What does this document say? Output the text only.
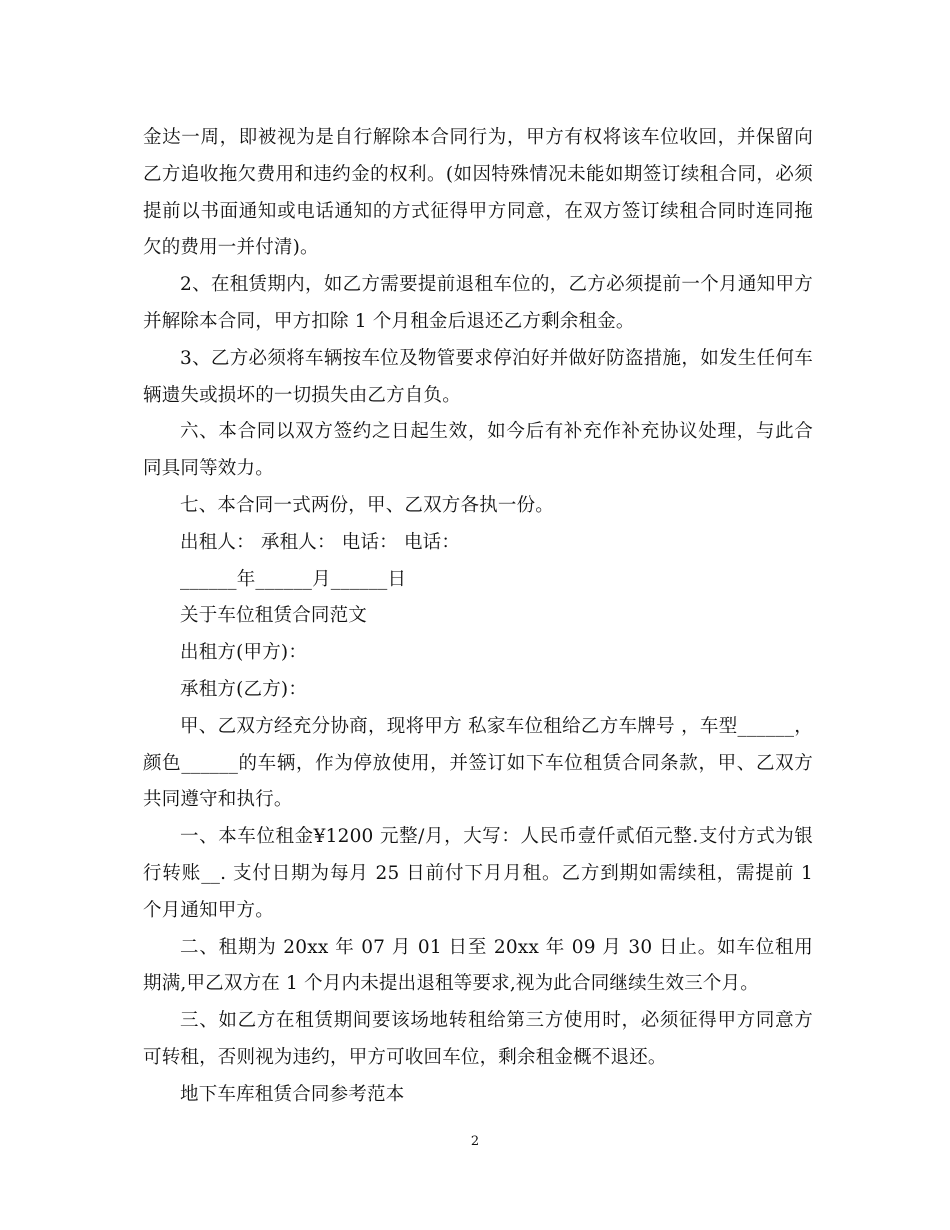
金达一周，即被视为是自行解除本合同行为，甲方有权将该车位收回，并保留向乙方追收拖欠费用和违约金的权利。(如因特殊情况未能如期签订续租合同，必须提前以书面通知或电话通知的方式征得甲方同意，在双方签订续租合同时连同拖欠的费用一并付清)。

2、在租赁期内，如乙方需要提前退租车位的，乙方必须提前一个月通知甲方并解除本合同，甲方扣除 1 个月租金后退还乙方剩余租金。

3、乙方必须将车辆按车位及物管要求停泊好并做好防盗措施，如发生任何车辆遗失或损坏的一切损失由乙方自负。

六、本合同以双方签约之日起生效，如今后有补充作补充协议处理，与此合同具同等效力。

七、本合同一式两份，甲、乙双方各执一份。

出租人： 承租人： 电话： 电话：

______年______月______日

关于车位租赁合同范文

出租方(甲方)：

承租方(乙方)：

甲、乙双方经充分协商，现将甲方 私家车位租给乙方车牌号 ，车型______，颜色______的车辆，作为停放使用，并签订如下车位租赁合同条款，甲、乙双方共同遵守和执行。

一、本车位租金¥1200 元整/月，大写：人民币壹仟贰佰元整.支付方式为银行转账__. 支付日期为每月 25 日前付下月月租。乙方到期如需续租，需提前 1 个月通知甲方。

二、租期为 20xx 年 07 月 01 日至 20xx 年 09 月 30 日止。如车位租用期满,甲乙双方在 1 个月内未提出退租等要求,视为此合同继续生效三个月。

三、如乙方在租赁期间要该场地转租给第三方使用时，必须征得甲方同意方可转租，否则视为违约，甲方可收回车位，剩余租金概不退还。

地下车库租赁合同参考范本

2
